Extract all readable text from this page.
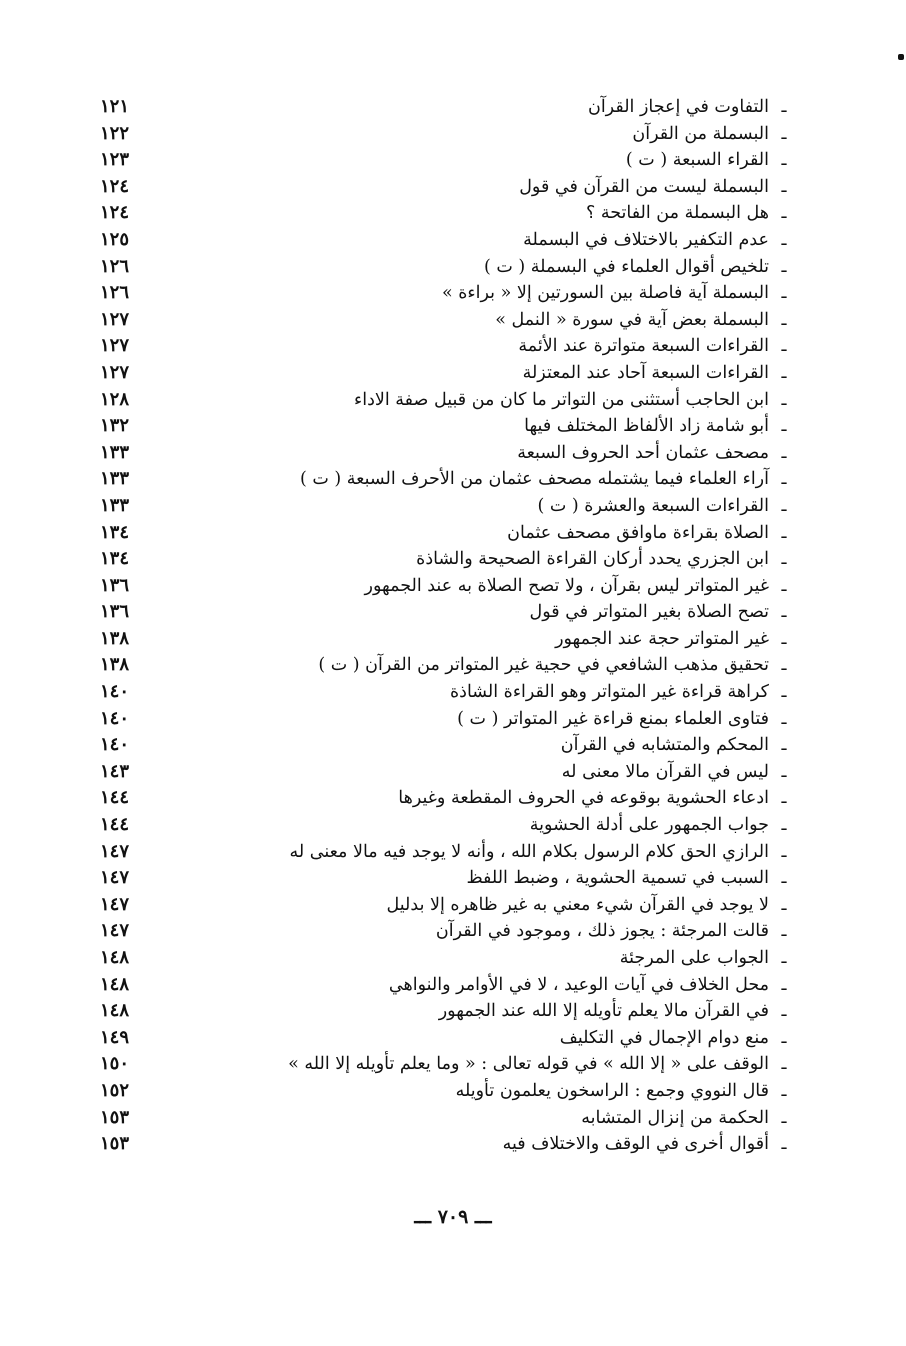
ـ
التفاوت في إعجاز القرآن
١٢١
ـ
البسملة من القرآن
١٢٢
ـ
القراء السبعة ( ت )
١٢٣
ـ
البسملة ليست من القرآن في قول
١٢٤
ـ
هل البسملة من الفاتحة ؟
١٢٤
ـ
عدم التكفير بالاختلاف في البسملة
١٢٥
ـ
تلخيص أقوال العلماء في البسملة ( ت )
١٢٦
ـ
البسملة آية فاصلة بين السورتين إلا « براءة »
١٢٦
ـ
البسملة بعض آية في سورة « النمل »
١٢٧
ـ
القراءات السبعة متواترة عند الأئمة
١٢٧
ـ
القراءات السبعة آحاد عند المعتزلة
١٢٧
ـ
ابن الحاجب أستثنى من التواتر ما كان من قبيل صفة الاداء
١٢٨
ـ
أبو شامة زاد الألفاظ المختلف فيها
١٣٢
ـ
مصحف عثمان أحد الحروف السبعة
١٣٣
ـ
آراء العلماء فيما يشتمله مصحف عثمان من الأحرف السبعة ( ت )
١٣٣
ـ
القراءات السبعة والعشرة ( ت )
١٣٣
ـ
الصلاة بقراءة ماوافق مصحف عثمان
١٣٤
ـ
ابن الجزري يحدد أركان القراءة الصحيحة والشاذة
١٣٤
ـ
غير المتواتر ليس بقرآن ، ولا تصح الصلاة به عند الجمهور
١٣٦
ـ
تصح الصلاة بغير المتواتر في قول
١٣٦
ـ
غير المتواتر حجة عند الجمهور
١٣٨
ـ
تحقيق مذهب الشافعي في حجية غير المتواتر من القرآن ( ت )
١٣٨
ـ
كراهة قراءة غير المتواتر وهو القراءة الشاذة
١٤٠
ـ
فتاوى العلماء بمنع قراءة غير المتواتر ( ت )
١٤٠
ـ
المحكم والمتشابه في القرآن
١٤٠
ـ
ليس في القرآن مالا معنى له
١٤٣
ـ
ادعاء الحشوية بوقوعه في الحروف المقطعة وغيرها
١٤٤
ـ
جواب الجمهور على أدلة الحشوية
١٤٤
ـ
الرازي الحق كلام الرسول بكلام الله ، وأنه لا يوجد فيه مالا معنى له
١٤٧
ـ
السبب في تسمية الحشوية ، وضبط اللفظ
١٤٧
ـ
لا يوجد في القرآن شيء معني به غير ظاهره إلا بدليل
١٤٧
ـ
قالت المرجئة : يجوز ذلك ، وموجود في القرآن
١٤٧
ـ
الجواب على المرجئة
١٤٨
ـ
محل الخلاف في آيات الوعيد ، لا في الأوامر والنواهي
١٤٨
ـ
في القرآن مالا يعلم تأويله إلا الله عند الجمهور
١٤٨
ـ
منع دوام الإجمال في التكليف
١٤٩
ـ
الوقف على « إلا الله » في قوله تعالى : « وما يعلم تأويله إلا الله »
١٥٠
ـ
قال النووي وجمع : الراسخون يعلمون تأويله
١٥٢
ـ
الحكمة من إنزال المتشابه
١٥٣
ـ
أقوال أخرى في الوقف والاختلاف فيه
١٥٣
ـــ ٧٠٩ ـــ
